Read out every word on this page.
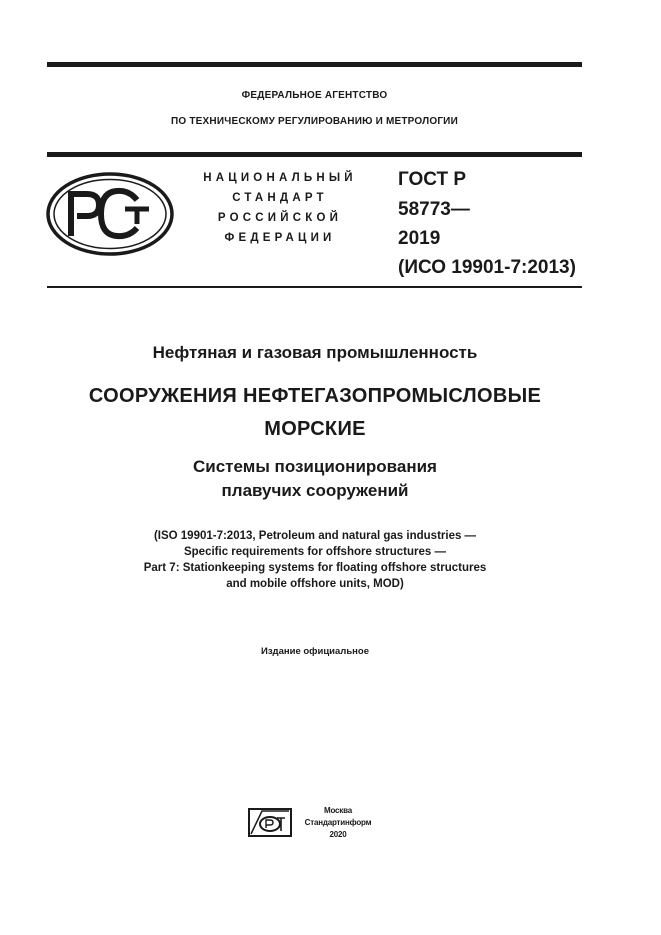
ФЕДЕРАЛЬНОЕ АГЕНТСТВО
ПО ТЕХНИЧЕСКОМУ РЕГУЛИРОВАНИЮ И МЕТРОЛОГИИ
НАЦИОНАЛЬНЫЙ
СТАНДАРТ
РОССИЙСКОЙ
ФЕДЕРАЦИИ
ГОСТ Р
58773—
2019
(ИСО 19901-7:2013)
Нефтяная и газовая промышленность
СООРУЖЕНИЯ НЕФТЕГАЗОПРОМЫСЛОВЫЕ
МОРСКИЕ
Системы позиционирования
плавучих сооружений
(ISO 19901-7:2013, Petroleum and natural gas industries —
Specific requirements for offshore structures —
Part 7: Stationkeeping systems for floating offshore structures
and mobile offshore units, MOD)
Издание официальное
Москва
Стандартинформ
2020
